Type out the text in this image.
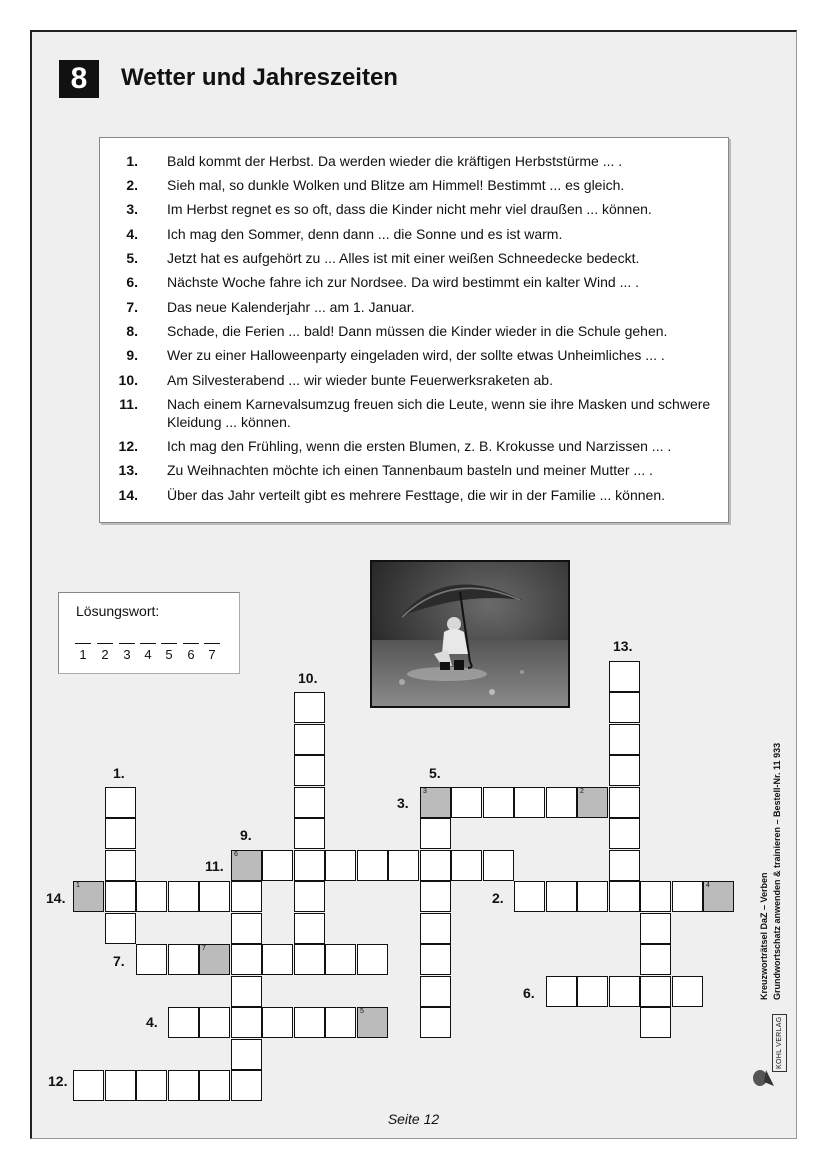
8	Wetter und Jahreszeiten
1. Bald kommt der Herbst. Da werden wieder die kräftigen Herbststürme ... .
2. Sieh mal, so dunkle Wolken und Blitze am Himmel! Bestimmt ... es gleich.
3. Im Herbst regnet es so oft, dass die Kinder nicht mehr viel draußen ... können.
4. Ich mag den Sommer, denn dann ... die Sonne und es ist warm.
5. Jetzt hat es aufgehört zu ... Alles ist mit einer weißen Schneedecke bedeckt.
6. Nächste Woche fahre ich zur Nordsee. Da wird bestimmt ein kalter Wind ... .
7. Das neue Kalenderjahr ... am 1. Januar.
8. Schade, die Ferien ... bald! Dann müssen die Kinder wieder in die Schule gehen.
9. Wer zu einer Halloweenparty eingeladen wird, der sollte etwas Unheimliches ... .
10. Am Silvesterabend ... wir wieder bunte Feuerwerksraketen ab.
11. Nach einem Karnevalsumzug freuen sich die Leute, wenn sie ihre Masken und schwere Kleidung ... können.
12. Ich mag den Frühling, wenn die ersten Blumen, z. B. Krokusse und Narzissen ... .
13. Zu Weihnachten möchte ich einen Tannenbaum basteln und meiner Mutter ... .
14. Über das Jahr verteilt gibt es mehrere Festtage, die wir in der Familie ... können.
Lösungswort:
1	2	3	4	5	6	7
4
3	2
5
7
6
1
1.
2.
3.
4.
5.
6.
7.
9.
10.
11.
12.
13.
14.
Seite 12
Kreuzworträtsel DaZ – Verben Grundwortschatz anwenden & trainieren – Bestell-Nr. 11 933
KOHL VERLAG
